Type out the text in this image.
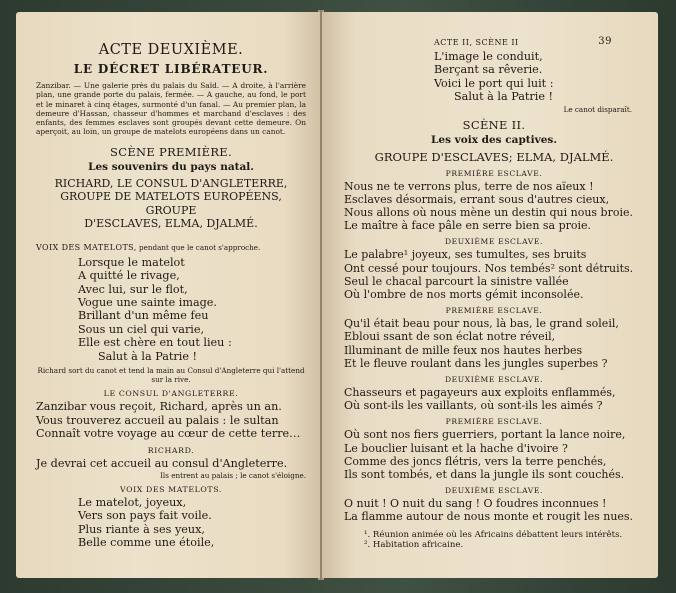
ACTE DEUXIÈME.
LE DÉCRET LIBÉRATEUR.
Zanzibar. — Une galerie près du palais du Saïd. — A droite, à l'arrière plan, une grande porte du palais, fermée. — A gauche, au fond, le port et le minaret à cinq étages, surmonté d'un fanal. — Au premier plan, la demeure d'Hassan, chasseur d'hommes et marchand d'esclaves : des enfants, des femmes esclaves sont groupés devant cette demeure. On aperçoit, au loin, un groupe de matelots européens dans un canot.
SCÈNE PREMIÈRE.
Les souvenirs du pays natal.
RICHARD, LE CONSUL D'ANGLETERRE,
GROUPE DE MATELOTS EUROPÉENS, GROUPE
D'ESCLAVES, ELMA, DJALMÉ.
VOIX DES MATELOTS, pendant que le canot s'approche.
Lorsque le matelot
A quitté le rivage,
Avec lui, sur le flot,
Vogue une sainte image.
Brillant d'un même feu
Sous un ciel qui varie,
Elle est chère en tout lieu :
Salut à la Patrie !
Richard sort du canot et tend la main au Consul d'Angleterre qui l'attend sur la rive.
LE CONSUL D'ANGLETERRE.
Zanzibar vous reçoit, Richard, après un an.
Vous trouverez accueil au palais : le sultan
Connaît votre voyage au cœur de cette terre…
RICHARD.
Je devrai cet accueil au consul d'Angleterre.
Ils entrent au palais ; le canot s'éloigne.
VOIX DES MATELOTS.
Le matelot, joyeux,
Vers son pays fait voile.
Plus riante à ses yeux,
Belle comme une étoile,
ACTE II, SCÈNE II	39
L'image le conduit,
Berçant sa rêverie.
Voici le port qui luit :
Salut à la Patrie !
Le canot disparaît.
SCÈNE II.
Les voix des captives.
GROUPE D'ESCLAVES; ELMA, DJALMÉ.
PREMIÈRE ESCLAVE.
Nous ne te verrons plus, terre de nos aïeux !
Esclaves désormais, errant sous d'autres cieux,
Nous allons où nous mène un destin qui nous broie.
Le maître à face pâle en serre bien sa proie.
DEUXIÈME ESCLAVE.
Le palabre¹ joyeux, ses tumultes, ses bruits
Ont cessé pour toujours. Nos tembés² sont détruits.
Seul le chacal parcourt la sinistre vallée
Où l'ombre de nos morts gémit inconsolée.
PREMIÈRE ESCLAVE.
Qu'il était beau pour nous, là bas, le grand soleil,
Ebloui ssant de son éclat notre réveil,
Illuminant de mille feux nos hautes herbes
Et le fleuve roulant dans les jungles superbes ?
DEUXIÈME ESCLAVE.
Chasseurs et pagayeurs aux exploits enflammés,
Où sont-ils les vaillants, où sont-ils les aimés ?
PREMIÈRE ESCLAVE.
Où sont nos fiers guerriers, portant la lance noire,
Le bouclier luisant et la hache d'ivoire ?
Comme des joncs flétris, vers la terre penchés,
Ils sont tombés, et dans la jungle ils sont couchés.
DEUXIÈME ESCLAVE.
O nuit ! O nuit du sang ! O foudres inconnues !
La flamme autour de nous monte et rougit les nues.
¹. Réunion animée où les Africains débattent leurs intérêts.
². Habitation africaine.
